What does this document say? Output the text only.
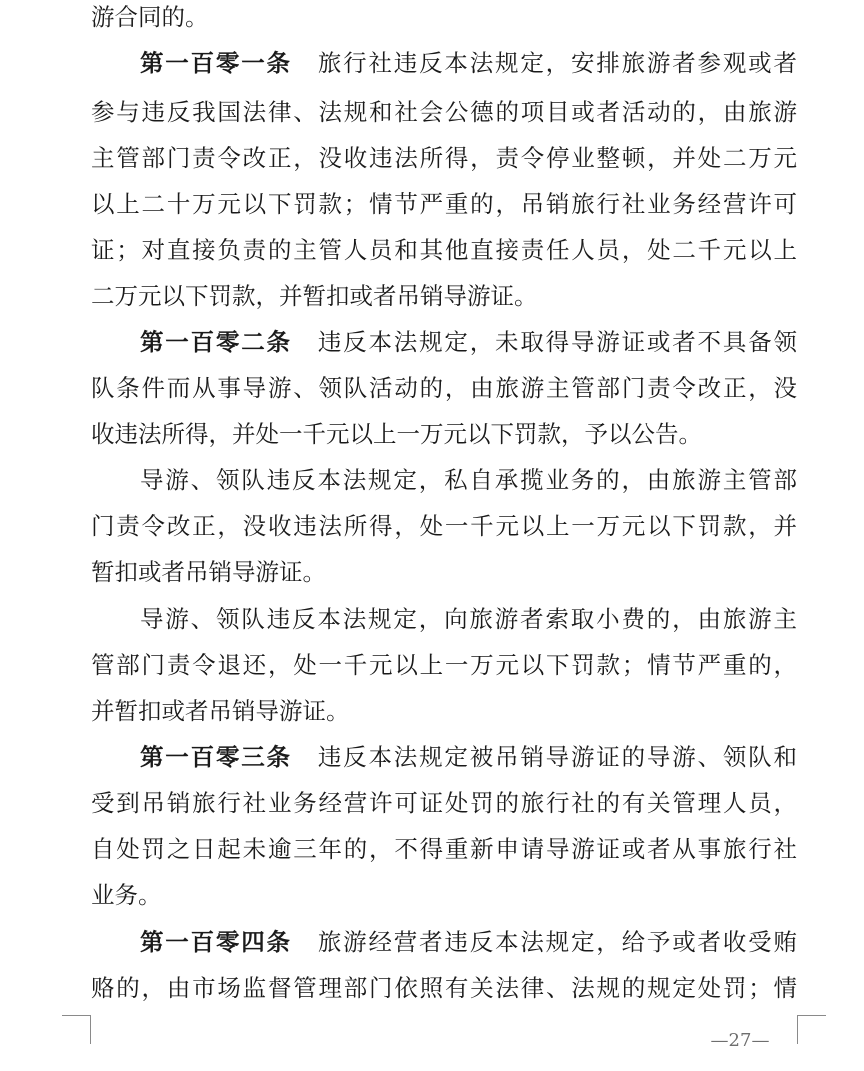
游合同的。
第一百零一条 旅行社违反本法规定，安排旅游者参观或者
参与违反我国法律、法规和社会公德的项目或者活动的，由旅游
主管部门责令改正，没收违法所得，责令停业整顿，并处二万元
以上二十万元以下罚款；情节严重的，吊销旅行社业务经营许可
证；对直接负责的主管人员和其他直接责任人员，处二千元以上
二万元以下罚款，并暂扣或者吊销导游证。
第一百零二条 违反本法规定，未取得导游证或者不具备领
队条件而从事导游、领队活动的，由旅游主管部门责令改正，没
收违法所得，并处一千元以上一万元以下罚款，予以公告。
导游、领队违反本法规定，私自承揽业务的，由旅游主管部
门责令改正，没收违法所得，处一千元以上一万元以下罚款，并
暂扣或者吊销导游证。
导游、领队违反本法规定，向旅游者索取小费的，由旅游主
管部门责令退还，处一千元以上一万元以下罚款；情节严重的，
并暂扣或者吊销导游证。
第一百零三条 违反本法规定被吊销导游证的导游、领队和
受到吊销旅行社业务经营许可证处罚的旅行社的有关管理人员，
自处罚之日起未逾三年的，不得重新申请导游证或者从事旅行社
业务。
第一百零四条 旅游经营者违反本法规定，给予或者收受贿
赂的，由市场监督管理部门依照有关法律、法规的规定处罚；情
—27—
